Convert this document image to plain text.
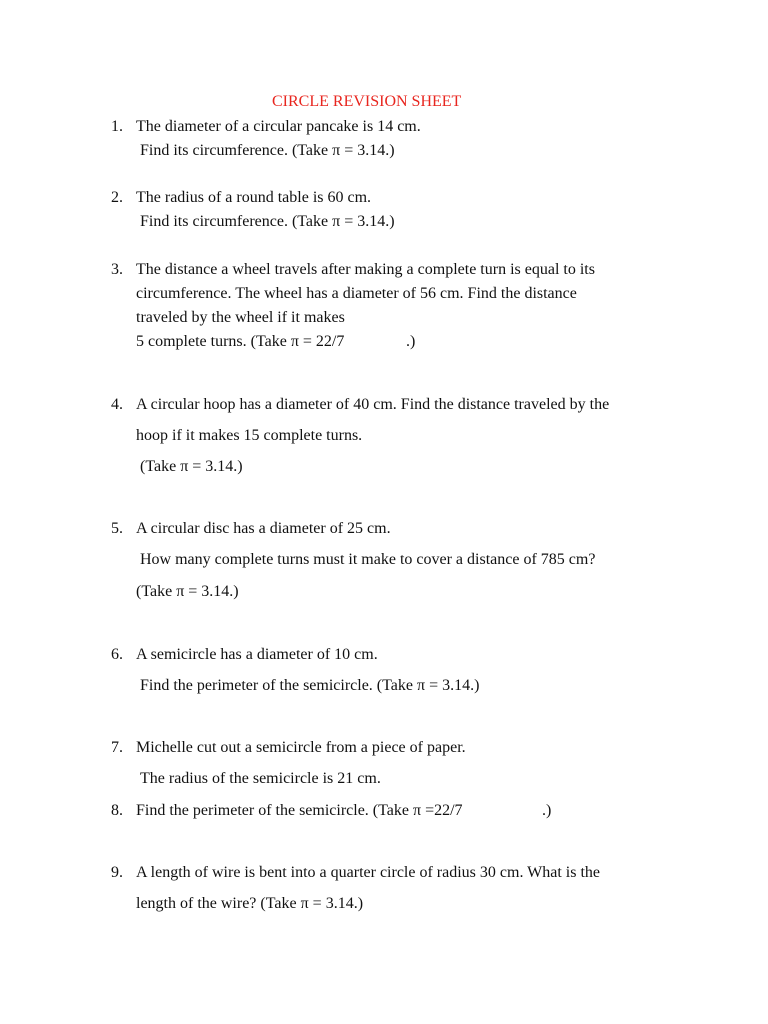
CIRCLE REVISION SHEET
1. The diameter of a circular pancake is 14 cm.
Find its circumference. (Take π = 3.14.)
2. The radius of a round table is 60 cm.
Find its circumference. (Take π = 3.14.)
3. The distance a wheel travels after making a complete turn is equal to its
circumference. The wheel has a diameter of 56 cm. Find the distance
traveled by the wheel if it makes
5 complete turns. (Take π = 22/7	.)
4. A circular hoop has a diameter of 40 cm. Find the distance traveled by the
hoop if it makes 15 complete turns.
(Take π = 3.14.)
5. A circular disc has a diameter of 25 cm.
How many complete turns must it make to cover a distance of 785 cm?
(Take π = 3.14.)
6. A semicircle has a diameter of 10 cm.
Find the perimeter of the semicircle. (Take π = 3.14.)
7. Michelle cut out a semicircle from a piece of paper.
The radius of the semicircle is 21 cm.
8. Find the perimeter of the semicircle. (Take π =22/7	.)
9. A length of wire is bent into a quarter circle of radius 30 cm. What is the
length of the wire? (Take π = 3.14.)
